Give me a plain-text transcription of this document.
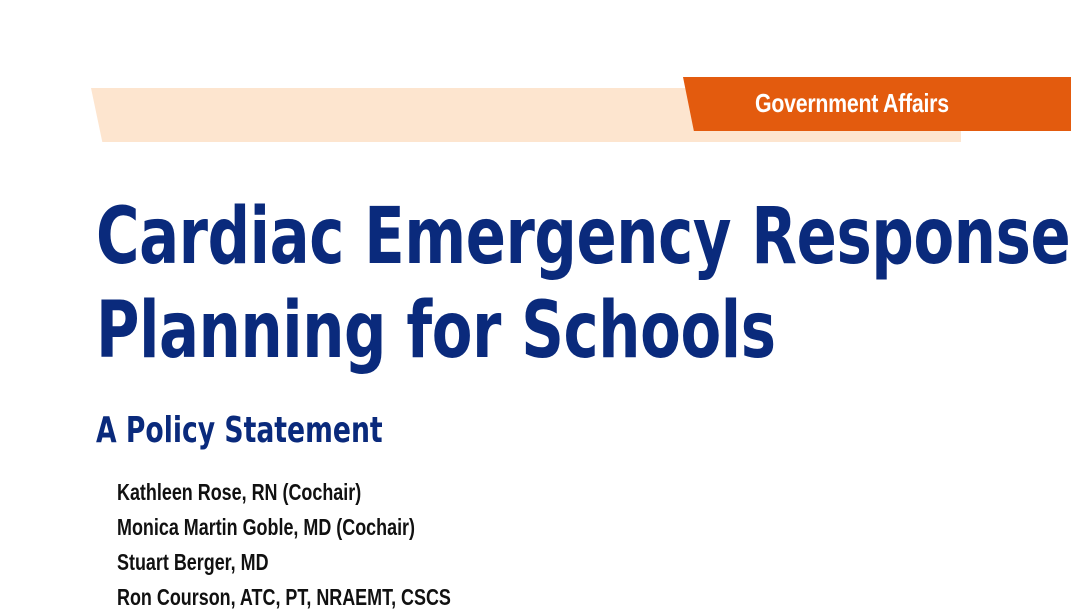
Government Affairs
Cardiac Emergency Response
Planning for Schools
A Policy Statement
Kathleen Rose, RN (Cochair)
Monica Martin Goble, MD (Cochair)
Stuart Berger, MD
Ron Courson, ATC, PT, NRAEMT, CSCS
